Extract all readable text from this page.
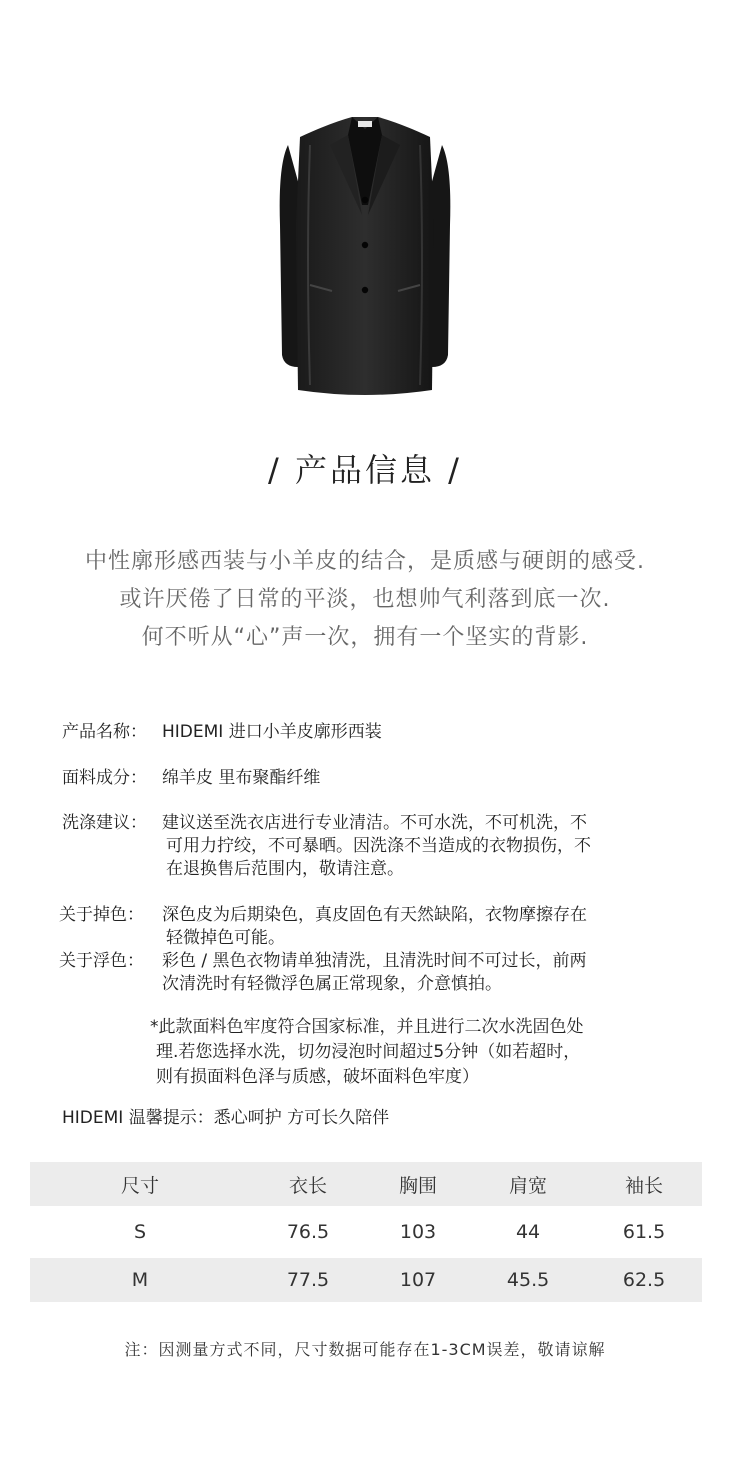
/ 产品信息 /
中性廓形感西装与小羊皮的结合，是质感与硬朗的感受.
或许厌倦了日常的平淡，也想帅气利落到底一次.
何不听从“心”声一次，拥有一个坚实的背影.
产品名称： HIDEMI 进口小羊皮廓形西装
面料成分： 绵羊皮 里布聚酯纤维
洗涤建议： 建议送至洗衣店进行专业清洁。不可水洗，不可机洗，不
可用力拧绞，不可暴晒。因洗涤不当造成的衣物损伤，不
在退换售后范围内，敬请注意。
关于掉色： 深色皮为后期染色，真皮固色有天然缺陷，衣物摩擦存在
轻微掉色可能。
关于浮色： 彩色 / 黑色衣物请单独清洗，且清洗时间不可过长，前两
次清洗时有轻微浮色属正常现象，介意慎拍。
*此款面料色牢度符合国家标准，并且进行二次水洗固色处
理.若您选择水洗，切勿浸泡时间超过5分钟（如若超时，
则有损面料色泽与质感，破坏面料色牢度）
HIDEMI 温馨提示：悉心呵护 方可长久陪伴
尺寸	衣长	胸围	肩宽	袖长
S	76.5	103	44	61.5
M	77.5	107	45.5	62.5
注：因测量方式不同，尺寸数据可能存在1-3CM误差，敬请谅解
